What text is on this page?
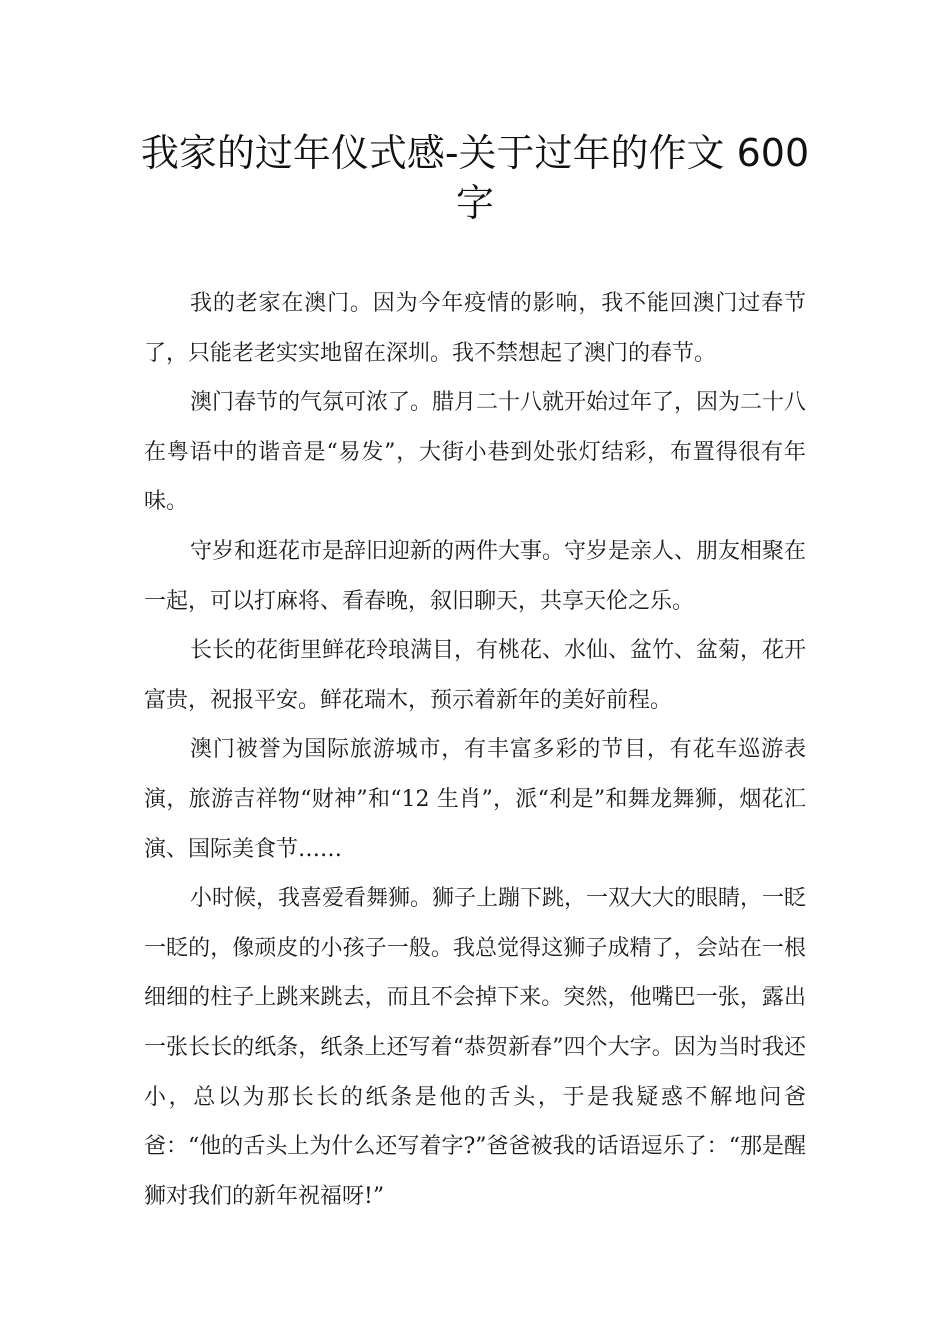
我家的过年仪式感-关于过年的作文 600 字

我的老家在澳门。因为今年疫情的影响，我不能回澳门过春节了，只能老老实实地留在深圳。我不禁想起了澳门的春节。

澳门春节的气氛可浓了。腊月二十八就开始过年了，因为二十八在粤语中的谐音是“易发”，大街小巷到处张灯结彩，布置得很有年味。

守岁和逛花市是辞旧迎新的两件大事。守岁是亲人、朋友相聚在一起，可以打麻将、看春晚，叙旧聊天，共享天伦之乐。

长长的花街里鲜花玲琅满目，有桃花、水仙、盆竹、盆菊，花开富贵，祝报平安。鲜花瑞木，预示着新年的美好前程。

澳门被誉为国际旅游城市，有丰富多彩的节目，有花车巡游表演，旅游吉祥物“财神”和“12 生肖”，派“利是”和舞龙舞狮，烟花汇演、国际美食节……

小时候，我喜爱看舞狮。狮子上蹦下跳，一双大大的眼睛，一眨一眨的，像顽皮的小孩子一般。我总觉得这狮子成精了，会站在一根细细的柱子上跳来跳去，而且不会掉下来。突然，他嘴巴一张，露出一张长长的纸条，纸条上还写着“恭贺新春”四个大字。因为当时我还小，总以为那长长的纸条是他的舌头，于是我疑惑不解地问爸爸：“他的舌头上为什么还写着字?”爸爸被我的话语逗乐了：“那是醒狮对我们的新年祝福呀!”
